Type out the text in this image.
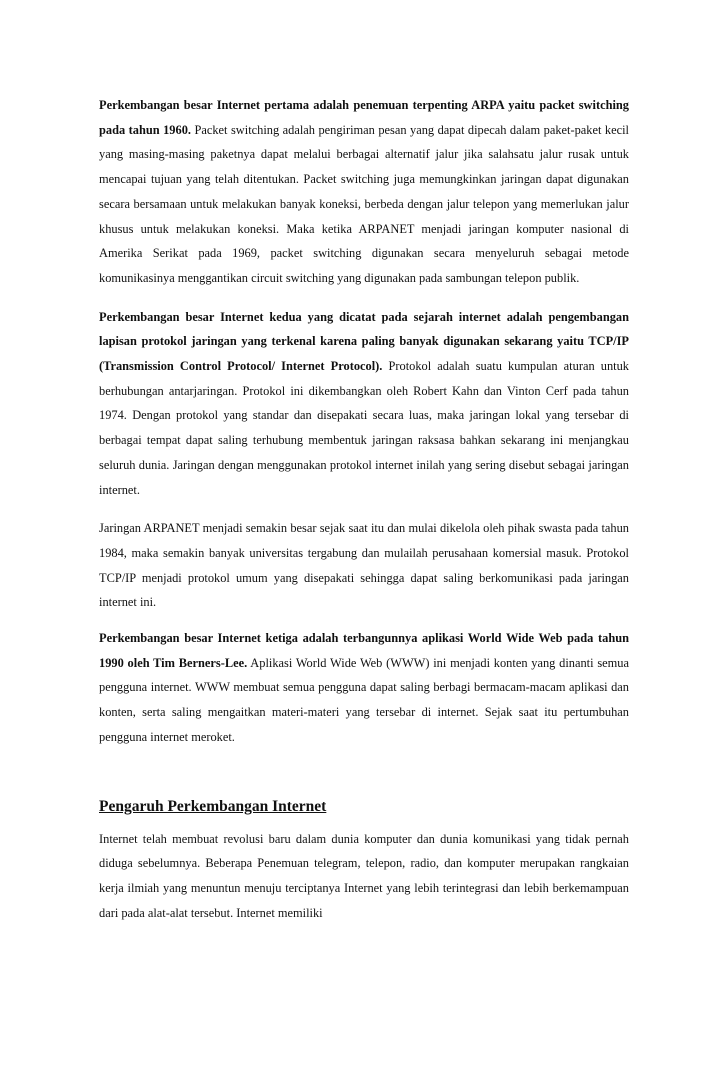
Perkembangan besar Internet pertama adalah penemuan terpenting ARPA yaitu packet switching pada tahun 1960. Packet switching adalah pengiriman pesan yang dapat dipecah dalam paket-paket kecil yang masing-masing paketnya dapat melalui berbagai alternatif jalur jika salahsatu jalur rusak untuk mencapai tujuan yang telah ditentukan. Packet switching juga memungkinkan jaringan dapat digunakan secara bersamaan untuk melakukan banyak koneksi, berbeda dengan jalur telepon yang memerlukan jalur khusus untuk melakukan koneksi. Maka ketika ARPANET menjadi jaringan komputer nasional di Amerika Serikat pada 1969, packet switching digunakan secara menyeluruh sebagai metode komunikasinya menggantikan circuit switching yang digunakan pada sambungan telepon publik.

Perkembangan besar Internet kedua yang dicatat pada sejarah internet adalah pengembangan lapisan protokol jaringan yang terkenal karena paling banyak digunakan sekarang yaitu TCP/IP (Transmission Control Protocol/ Internet Protocol). Protokol adalah suatu kumpulan aturan untuk berhubungan antarjaringan. Protokol ini dikembangkan oleh Robert Kahn dan Vinton Cerf pada tahun 1974. Dengan protokol yang standar dan disepakati secara luas, maka jaringan lokal yang tersebar di berbagai tempat dapat saling terhubung membentuk jaringan raksasa bahkan sekarang ini menjangkau seluruh dunia. Jaringan dengan menggunakan protokol internet inilah yang sering disebut sebagai jaringan internet.

Jaringan ARPANET menjadi semakin besar sejak saat itu dan mulai dikelola oleh pihak swasta pada tahun 1984, maka semakin banyak universitas tergabung dan mulailah perusahaan komersial masuk. Protokol TCP/IP menjadi protokol umum yang disepakati sehingga dapat saling berkomunikasi pada jaringan internet ini.

Perkembangan besar Internet ketiga adalah terbangunnya aplikasi World Wide Web pada tahun 1990 oleh Tim Berners-Lee. Aplikasi World Wide Web (WWW) ini menjadi konten yang dinanti semua pengguna internet. WWW membuat semua pengguna dapat saling berbagi bermacam-macam aplikasi dan konten, serta saling mengaitkan materi-materi yang tersebar di internet. Sejak saat itu pertumbuhan pengguna internet meroket.

Pengaruh Perkembangan Internet

Internet telah membuat revolusi baru dalam dunia komputer dan dunia komunikasi yang tidak pernah diduga sebelumnya. Beberapa Penemuan telegram, telepon, radio, dan komputer merupakan rangkaian kerja ilmiah yang menuntun menuju terciptanya Internet yang lebih terintegrasi dan lebih berkemampuan dari pada alat-alat tersebut. Internet memiliki
